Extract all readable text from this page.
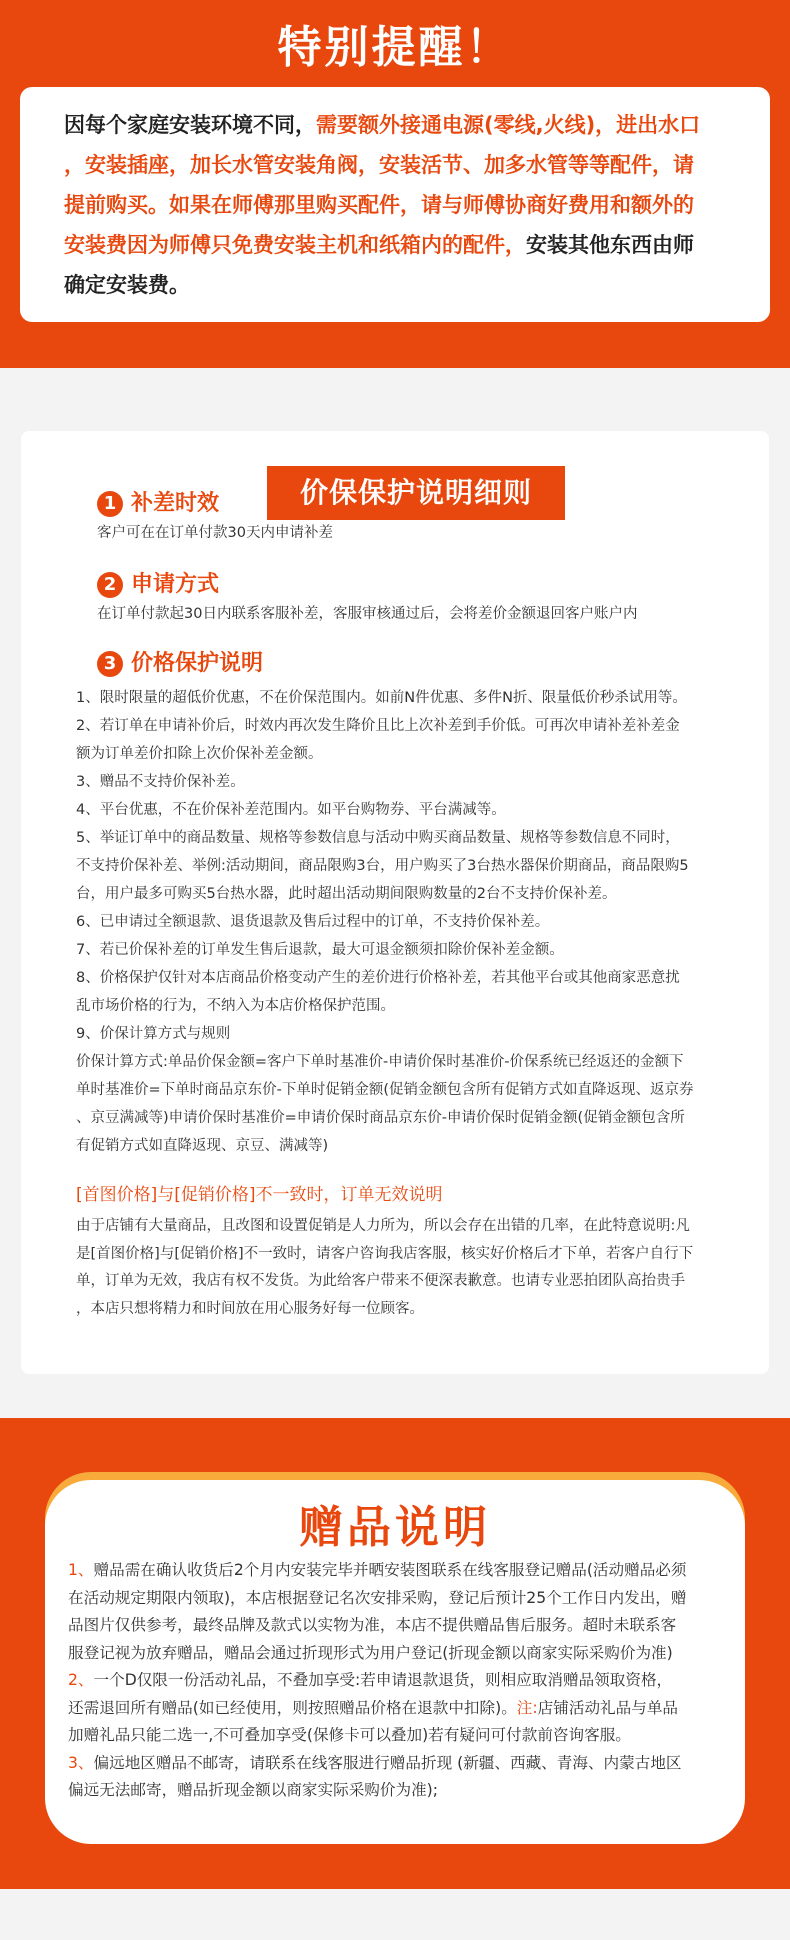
特别提醒！
因每个家庭安装环境不同，需要额外接通电源(零线,火线)，进出水口
，安装插座，加长水管安装角阀，安装活节、加多水管等等配件，请
提前购买。如果在师傅那里购买配件，请与师傅协商好费用和额外的
安装费因为师傅只免费安装主机和纸箱内的配件，安装其他东西由师
确定安装费。
价保保护说明细则
1 补差时效
客户可在在订单付款30天内申请补差
2 申请方式
在订单付款起30日内联系客服补差，客服审核通过后，会将差价金额退回客户账户内
3 价格保护说明
1、限时限量的超低价优惠，不在价保范围内。如前N件优惠、多件N折、限量低价秒杀试用等。
2、若订单在申请补价后，时效内再次发生降价且比上次补差到手价低。可再次申请补差补差金
额为订单差价扣除上次价保补差金额。
3、赠品不支持价保补差。
4、平台优惠，不在价保补差范围内。如平台购物券、平台满减等。
5、举证订单中的商品数量、规格等参数信息与活动中购买商品数量、规格等参数信息不同时，
不支持价保补差、举例:活动期间，商品限购3台，用户购买了3台热水器保价期商品，商品限购5
台，用户最多可购买5台热水器，此时超出活动期间限购数量的2台不支持价保补差。
6、已申请过全额退款、退货退款及售后过程中的订单，不支持价保补差。
7、若已价保补差的订单发生售后退款，最大可退金额须扣除价保补差金额。
8、价格保护仅针对本店商品价格变动产生的差价进行价格补差，若其他平台或其他商家恶意扰
乱市场价格的行为，不纳入为本店价格保护范围。
9、价保计算方式与规则
价保计算方式:单品价保金额=客户下单时基准价-申请价保时基准价-价保系统已经返还的金额下
单时基准价=下单时商品京东价-下单时促销金额(促销金额包含所有促销方式如直降返现、返京券
、京豆满减等)申请价保时基准价=申请价保时商品京东价-申请价保时促销金额(促销金额包含所
有促销方式如直降返现、京豆、满减等)
[首图价格]与[促销价格]不一致时，订单无效说明
由于店铺有大量商品，且改图和设置促销是人力所为，所以会存在出错的几率，在此特意说明:凡
是[首图价格]与[促销价格]不一致时，请客户咨询我店客服，核实好价格后才下单，若客户自行下
单，订单为无效，我店有权不发货。为此给客户带来不便深表歉意。也请专业恶拍团队高抬贵手
，本店只想将精力和时间放在用心服务好每一位顾客。
赠品说明
1、赠品需在确认收货后2个月内安装完毕并晒安装图联系在线客服登记赠品(活动赠品必须
在活动规定期限内领取)，本店根据登记名次安排采购，登记后预计25个工作日内发出，赠
品图片仅供参考，最终品牌及款式以实物为准，本店不提供赠品售后服务。超时未联系客
服登记视为放弃赠品，赠品会通过折现形式为用户登记(折现金额以商家实际采购价为准)
2、一个D仅限一份活动礼品，不叠加享受:若申请退款退货，则相应取消赠品领取资格，
还需退回所有赠品(如已经使用，则按照赠品价格在退款中扣除)。注:店铺活动礼品与单品
加赠礼品只能二选一,不可叠加享受(保修卡可以叠加)若有疑问可付款前咨询客服。
3、偏远地区赠品不邮寄，请联系在线客服进行赠品折现 (新疆、西藏、青海、内蒙古地区
偏远无法邮寄，赠品折现金额以商家实际采购价为准);
